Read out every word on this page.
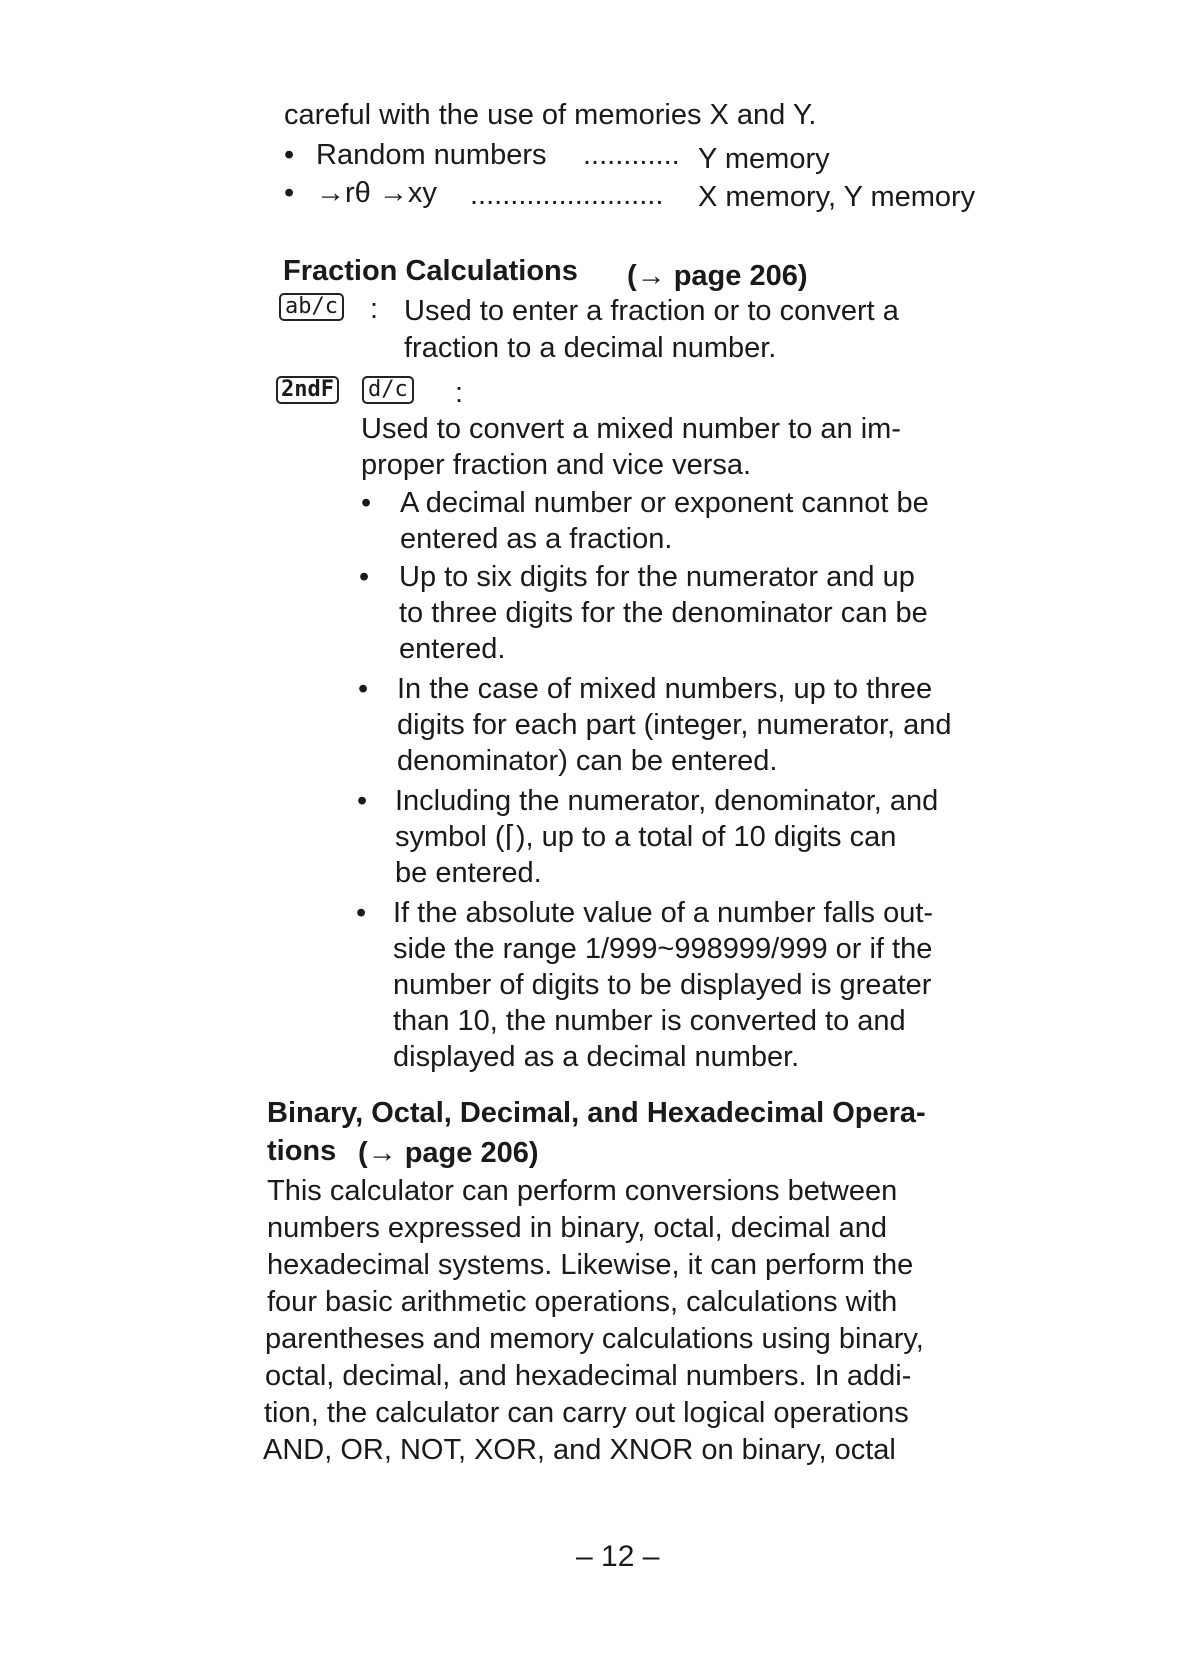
careful with the use of memories X and Y.
• Random numbers ............ Y memory
• →rθ →xy ........................ X memory, Y memory
Fraction Calculations (→ page 206)
ab/c : Used to enter a fraction or to convert a
fraction to a decimal number.
2ndF d/c :
Used to convert a mixed number to an im-
proper fraction and vice versa.
• A decimal number or exponent cannot be
entered as a fraction.
• Up to six digits for the numerator and up
to three digits for the denominator can be
entered.
• In the case of mixed numbers, up to three
digits for each part (integer, numerator, and
denominator) can be entered.
• Including the numerator, denominator, and
symbol (⌈), up to a total of 10 digits can
be entered.
• If the absolute value of a number falls out-
side the range 1/999~998999/999 or if the
number of digits to be displayed is greater
than 10, the number is converted to and
displayed as a decimal number.
Binary, Octal, Decimal, and Hexadecimal Opera-
tions (→ page 206)
This calculator can perform conversions between
numbers expressed in binary, octal, decimal and
hexadecimal systems. Likewise, it can perform the
four basic arithmetic operations, calculations with
parentheses and memory calculations using binary,
octal, decimal, and hexadecimal numbers. In addi-
tion, the calculator can carry out logical operations
AND, OR, NOT, XOR, and XNOR on binary, octal
– 12 –
